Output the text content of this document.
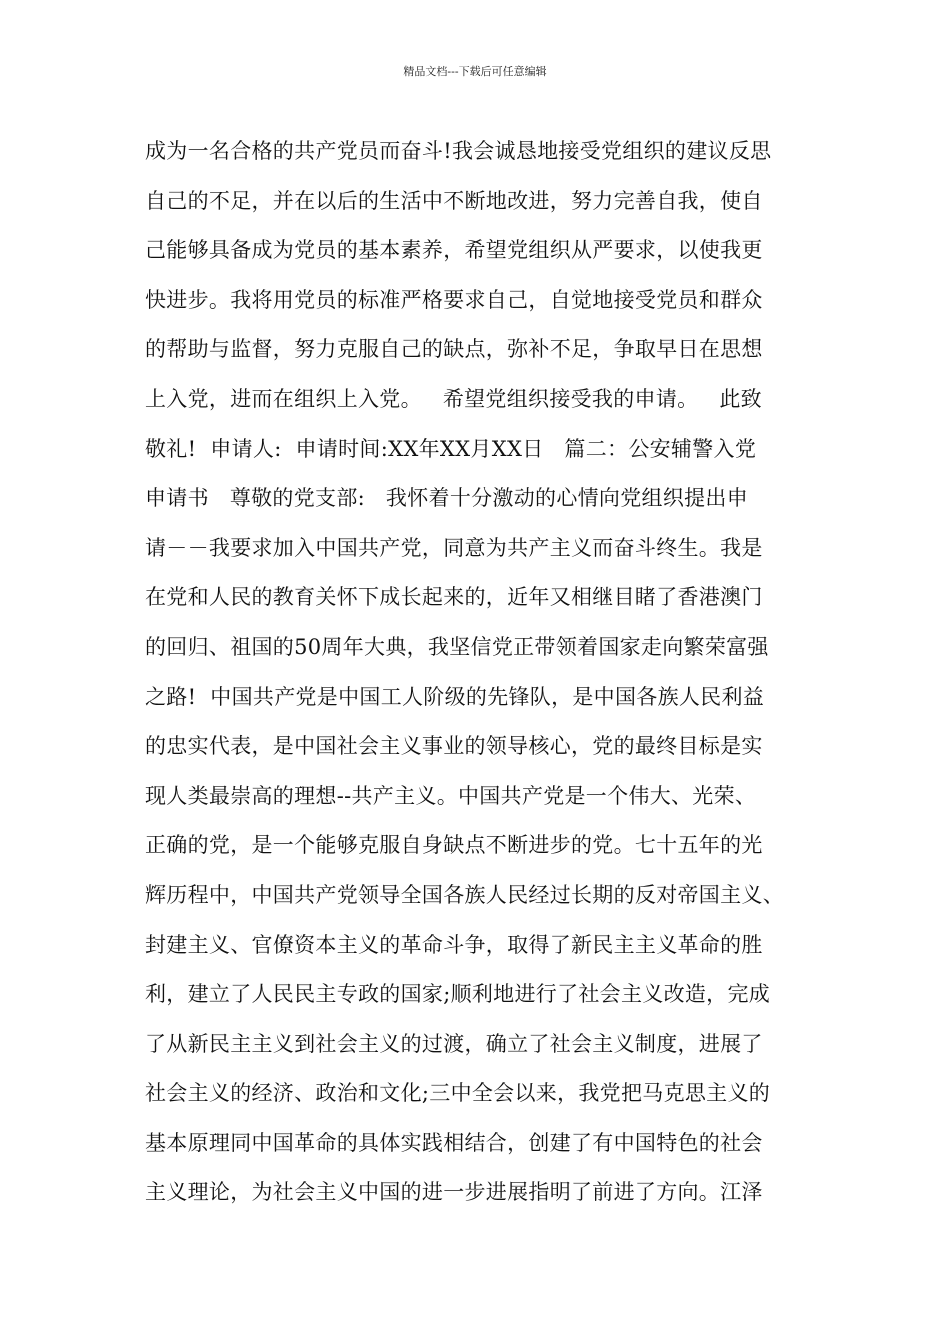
精品文档---下载后可任意编辑
成为一名合格的共产党员而奋斗!我会诚恳地接受党组织的建议反思
自己的不足，并在以后的生活中不断地改进，努力完善自我，使自
己能够具备成为党员的基本素养，希望党组织从严要求，以使我更
快进步。我将用党员的标准严格要求自己，自觉地接受党员和群众
的帮助与监督，努力克服自己的缺点，弥补不足，争取早日在思想
上入党，进而在组织上入党。   希望党组织接受我的申请。   此致
敬礼!  申请人:  申请时间:XX年XX月XX日   篇二：公安辅警入党
申请书   尊敬的党支部:   我怀着十分激动的心情向党组织提出申
请－－我要求加入中国共产党，同意为共产主义而奋斗终生。我是
在党和人民的教育关怀下成长起来的，近年又相继目睹了香港澳门
的回归、祖国的50周年大典，我坚信党正带领着国家走向繁荣富强
之路!  中国共产党是中国工人阶级的先锋队，是中国各族人民利益
的忠实代表，是中国社会主义事业的领导核心，党的最终目标是实
现人类最崇高的理想--共产主义。中国共产党是一个伟大、光荣、
正确的党，是一个能够克服自身缺点不断进步的党。七十五年的光
辉历程中，中国共产党领导全国各族人民经过长期的反对帝国主义、
封建主义、官僚资本主义的革命斗争，取得了新民主主义革命的胜
利，建立了人民民主专政的国家;顺利地进行了社会主义改造，完成
了从新民主主义到社会主义的过渡，确立了社会主义制度，进展了
社会主义的经济、政治和文化;三中全会以来，我党把马克思主义的
基本原理同中国革命的具体实践相结合，创建了有中国特色的社会
主义理论，为社会主义中国的进一步进展指明了前进了方向。江泽
